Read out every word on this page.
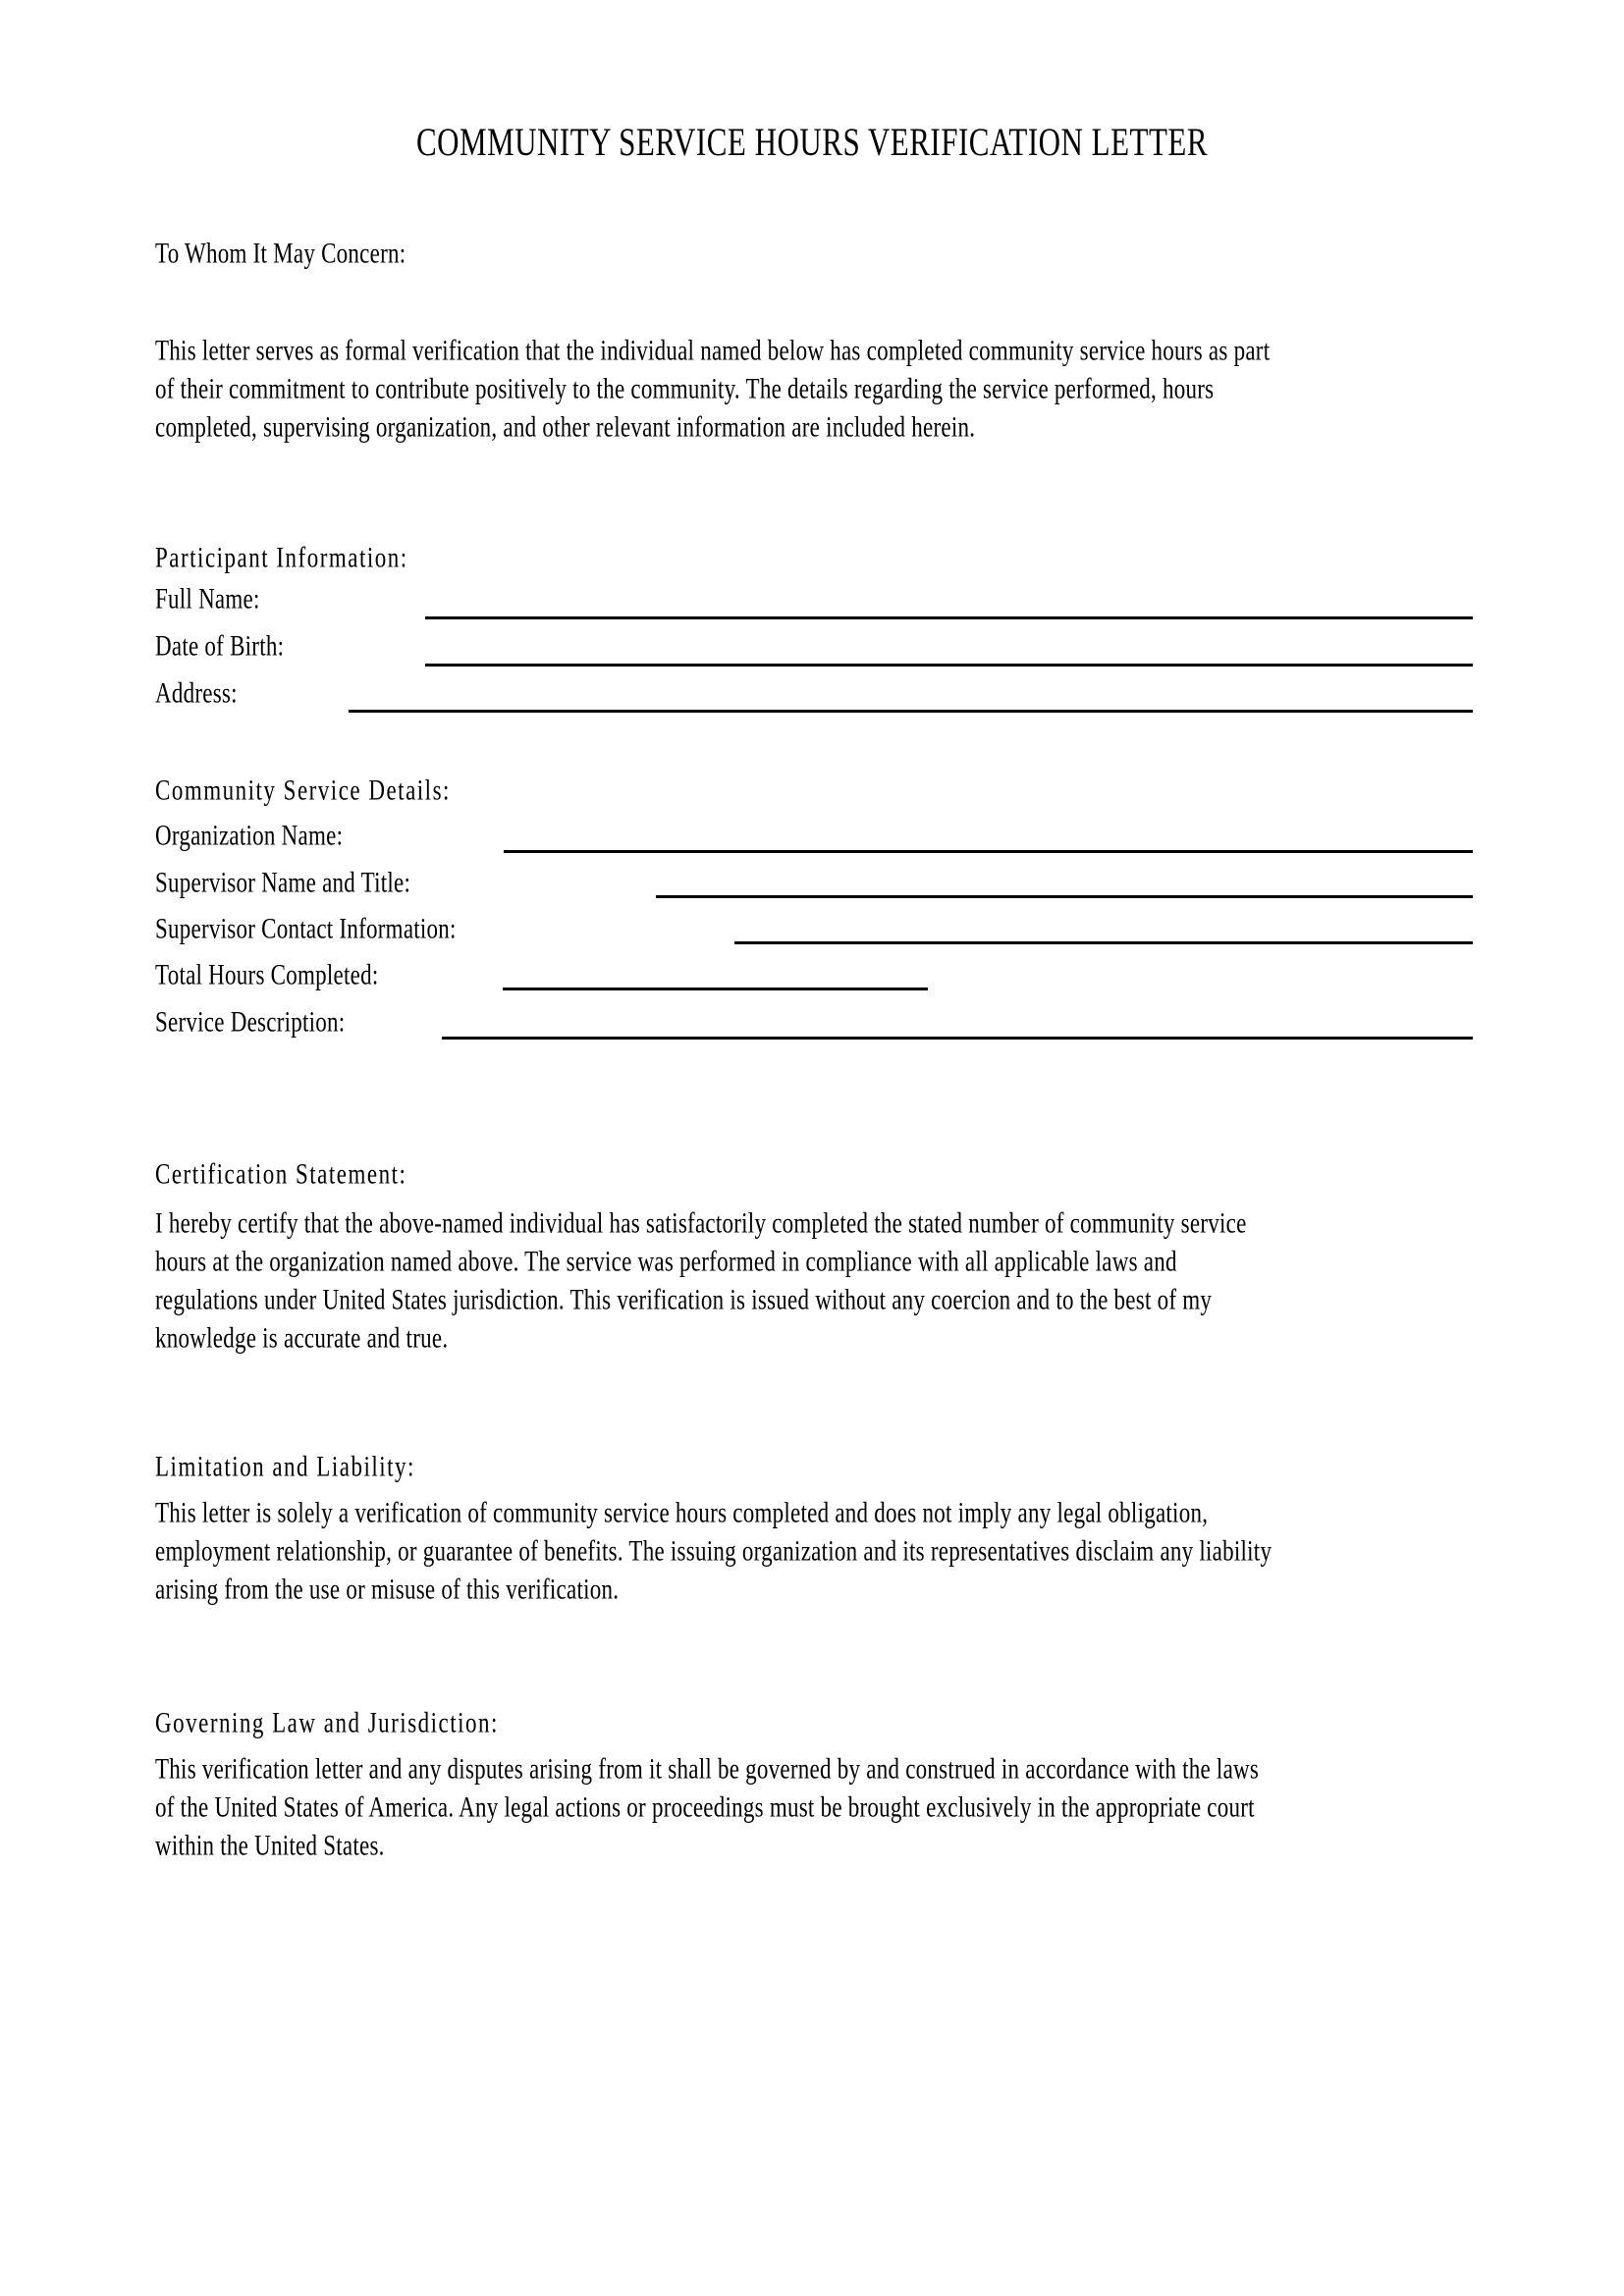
COMMUNITY SERVICE HOURS VERIFICATION LETTER
To Whom It May Concern:
This letter serves as formal verification that the individual named below has completed community service hours as part
of their commitment to contribute positively to the community. The details regarding the service performed, hours
completed, supervising organization, and other relevant information are included herein.
Participant Information:
Full Name:
Date of Birth:
Address:
Community Service Details:
Organization Name:
Supervisor Name and Title:
Supervisor Contact Information:
Total Hours Completed:
Service Description:
Certification Statement:
I hereby certify that the above-named individual has satisfactorily completed the stated number of community service
hours at the organization named above. The service was performed in compliance with all applicable laws and
regulations under United States jurisdiction. This verification is issued without any coercion and to the best of my
knowledge is accurate and true.
Limitation and Liability:
This letter is solely a verification of community service hours completed and does not imply any legal obligation,
employment relationship, or guarantee of benefits. The issuing organization and its representatives disclaim any liability
arising from the use or misuse of this verification.
Governing Law and Jurisdiction:
This verification letter and any disputes arising from it shall be governed by and construed in accordance with the laws
of the United States of America. Any legal actions or proceedings must be brought exclusively in the appropriate court
within the United States.
